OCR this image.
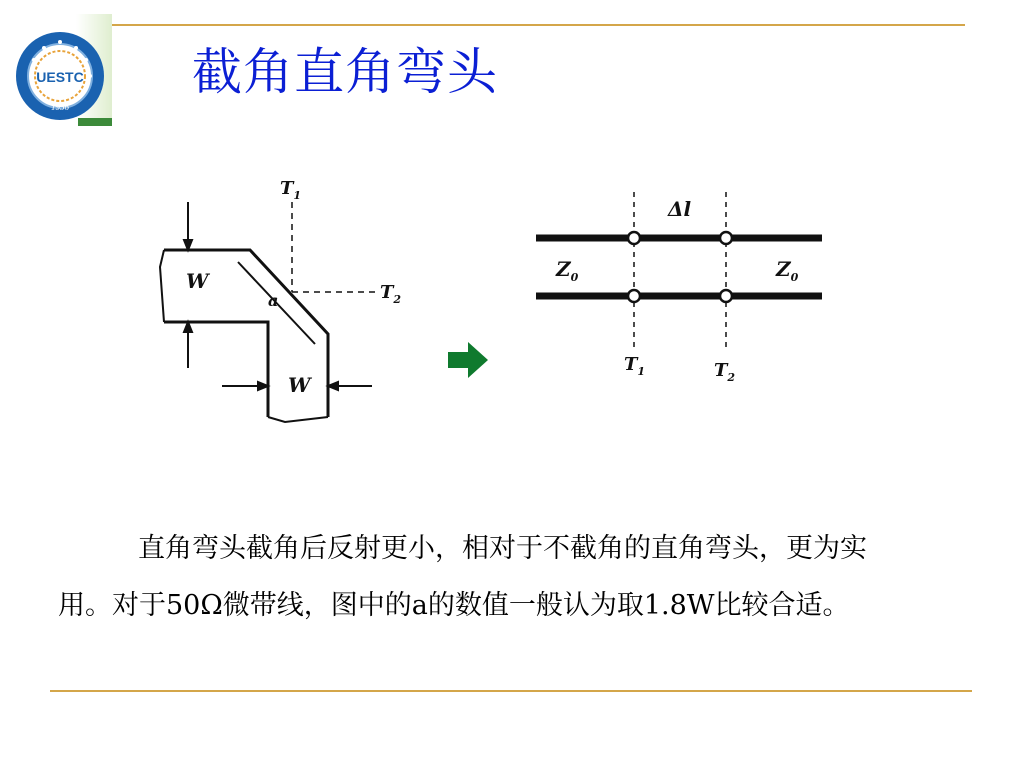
UESTC
1956
截角直角弯头
W
W
a
$T_1$
$T_2$
Δl
$Z_0$	$Z_0$
$T_1$	$T_2$

直角弯头截角后反射更小，相对于不截角的直角弯头，更为实用。对于50Ω微带线，图中的a的数值一般认为取1.8W比较合适。
